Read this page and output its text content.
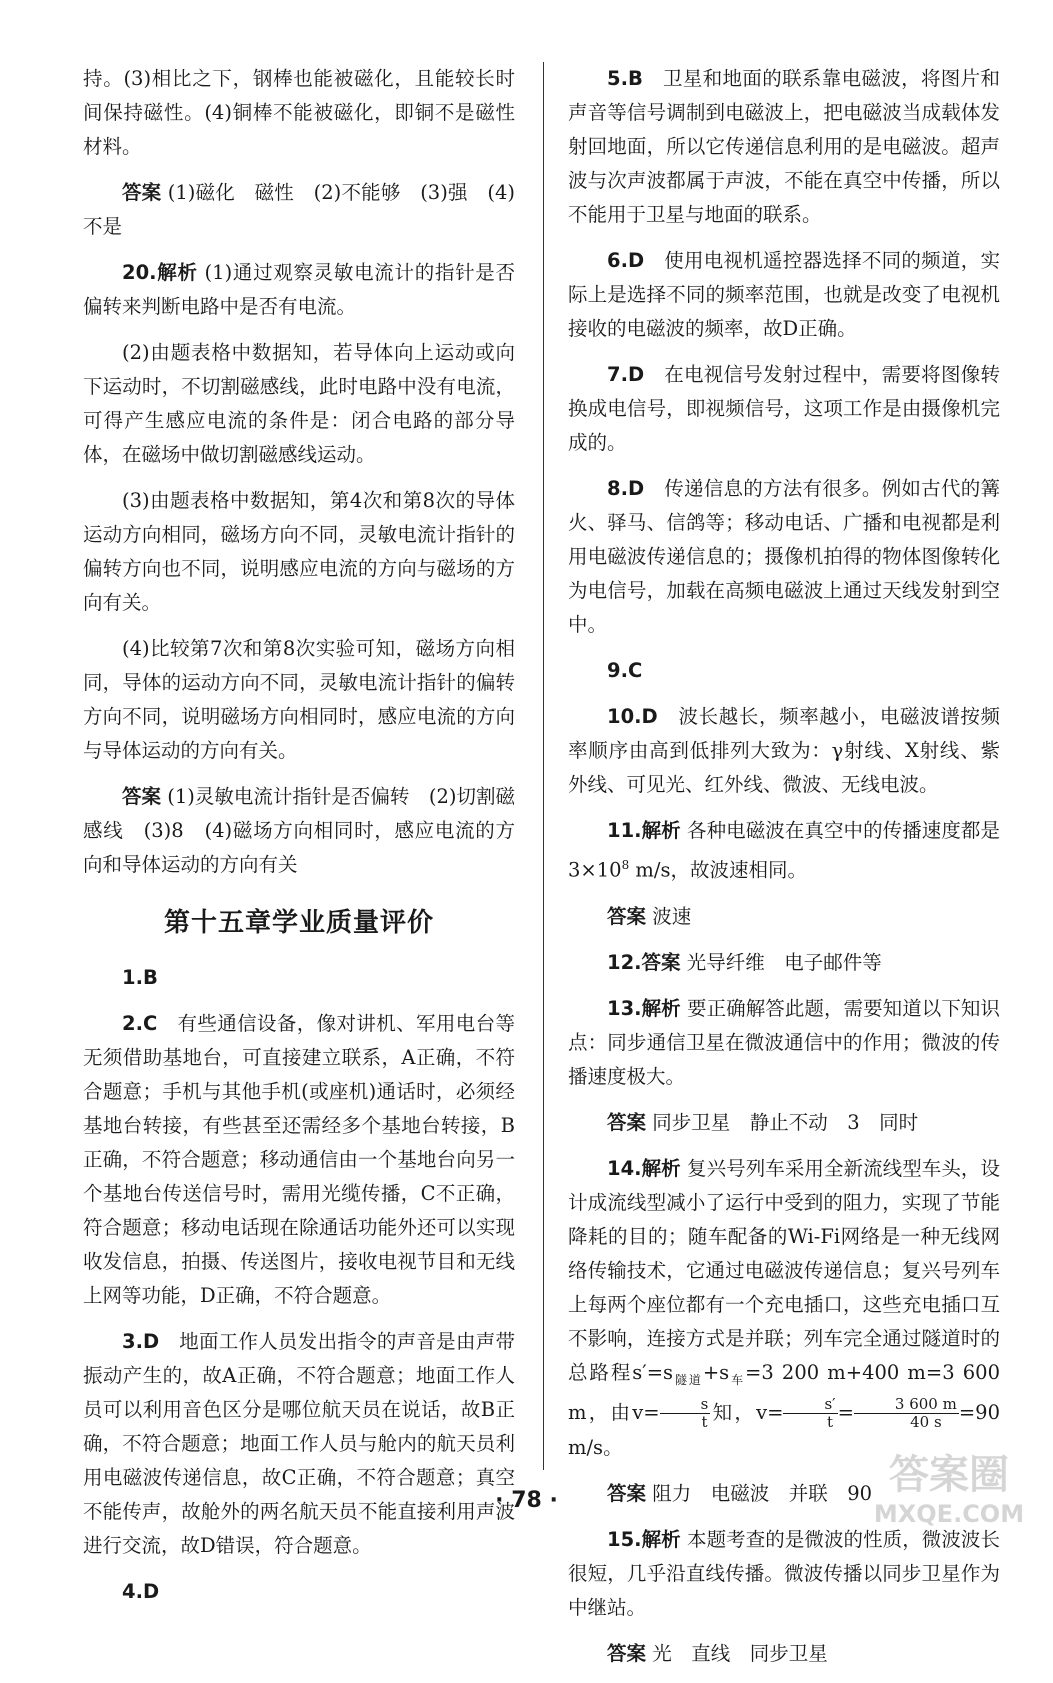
持。(3)相比之下，钢棒也能被磁化，且能较长时间保持磁性。(4)铜棒不能被磁化，即铜不是磁性材料。

答案 (1)磁化　磁性　(2)不能够　(3)强　(4)不是

20.解析 (1)通过观察灵敏电流计的指针是否偏转来判断电路中是否有电流。

(2)由题表格中数据知，若导体向上运动或向下运动时，不切割磁感线，此时电路中没有电流，可得产生感应电流的条件是：闭合电路的部分导体，在磁场中做切割磁感线运动。

(3)由题表格中数据知，第4次和第8次的导体运动方向相同，磁场方向不同，灵敏电流计指针的偏转方向也不同，说明感应电流的方向与磁场的方向有关。

(4)比较第7次和第8次实验可知，磁场方向相同，导体的运动方向不同，灵敏电流计指针的偏转方向不同，说明磁场方向相同时，感应电流的方向与导体运动的方向有关。

答案 (1)灵敏电流计指针是否偏转　(2)切割磁感线　(3)8　(4)磁场方向相同时，感应电流的方向和导体运动的方向有关

第十五章学业质量评价

1.B

2.C　有些通信设备，像对讲机、军用电台等无须借助基地台，可直接建立联系，A正确，不符合题意；手机与其他手机(或座机)通话时，必须经基地台转接，有些甚至还需经多个基地台转接，B正确，不符合题意；移动通信由一个基地台向另一个基地台传送信号时，需用光缆传播，C不正确，符合题意；移动电话现在除通话功能外还可以实现收发信息，拍摄、传送图片，接收电视节目和无线上网等功能，D正确，不符合题意。

3.D　地面工作人员发出指令的声音是由声带振动产生的，故A正确，不符合题意；地面工作人员可以利用音色区分是哪位航天员在说话，故B正确，不符合题意；地面工作人员与舱内的航天员利用电磁波传递信息，故C正确，不符合题意；真空不能传声，故舱外的两名航天员不能直接利用声波进行交流，故D错误，符合题意。

4.D

5.B　卫星和地面的联系靠电磁波，将图片和声音等信号调制到电磁波上，把电磁波当成载体发射回地面，所以它传递信息利用的是电磁波。超声波与次声波都属于声波，不能在真空中传播，所以不能用于卫星与地面的联系。

6.D　使用电视机遥控器选择不同的频道，实际上是选择不同的频率范围，也就是改变了电视机接收的电磁波的频率，故D正确。

7.D　在电视信号发射过程中，需要将图像转换成电信号，即视频信号，这项工作是由摄像机完成的。

8.D　传递信息的方法有很多。例如古代的篝火、驿马、信鸽等；移动电话、广播和电视都是利用电磁波传递信息的；摄像机拍得的物体图像转化为电信号，加载在高频电磁波上通过天线发射到空中。

9.C

10.D　波长越长，频率越小，电磁波谱按频率顺序由高到低排列大致为：γ射线、X射线、紫外线、可见光、红外线、微波、无线电波。

11.解析 各种电磁波在真空中的传播速度都是$3\times 10^8$ m/s，故波速相同。

答案 波速

12.答案 光导纤维　电子邮件等

13.解析 要正确解答此题，需要知道以下知识点：同步通信卫星在微波通信中的作用；微波的传播速度极大。

答案 同步卫星　静止不动　3　同时

14.解析 复兴号列车采用全新流线型车头，设计成流线型减小了运行中受到的阻力，实现了节能降耗的目的；随车配备的Wi-Fi网络是一种无线网络传输技术，它通过电磁波传递信息；复兴号列车上每两个座位都有一个充电插口，这些充电插口互不影响，连接方式是并联；列车完全通过隧道时的总路程$s'=s_{隧道}+s_车=3$ 200 m+400 m=3 600 m，由$v= \frac{s}{t}$ 知，$v= \frac{s'}{t} = \frac{3 600 m}{40 s} =90$ m/s。

答案 阻力　电磁波　并联　90

15.解析 本题考查的是微波的性质，微波波长很短，几乎沿直线传播。微波传播以同步卫星作为中继站。

答案 光　直线　同步卫星

· 78 ·
答案圈
MXQE.COM
